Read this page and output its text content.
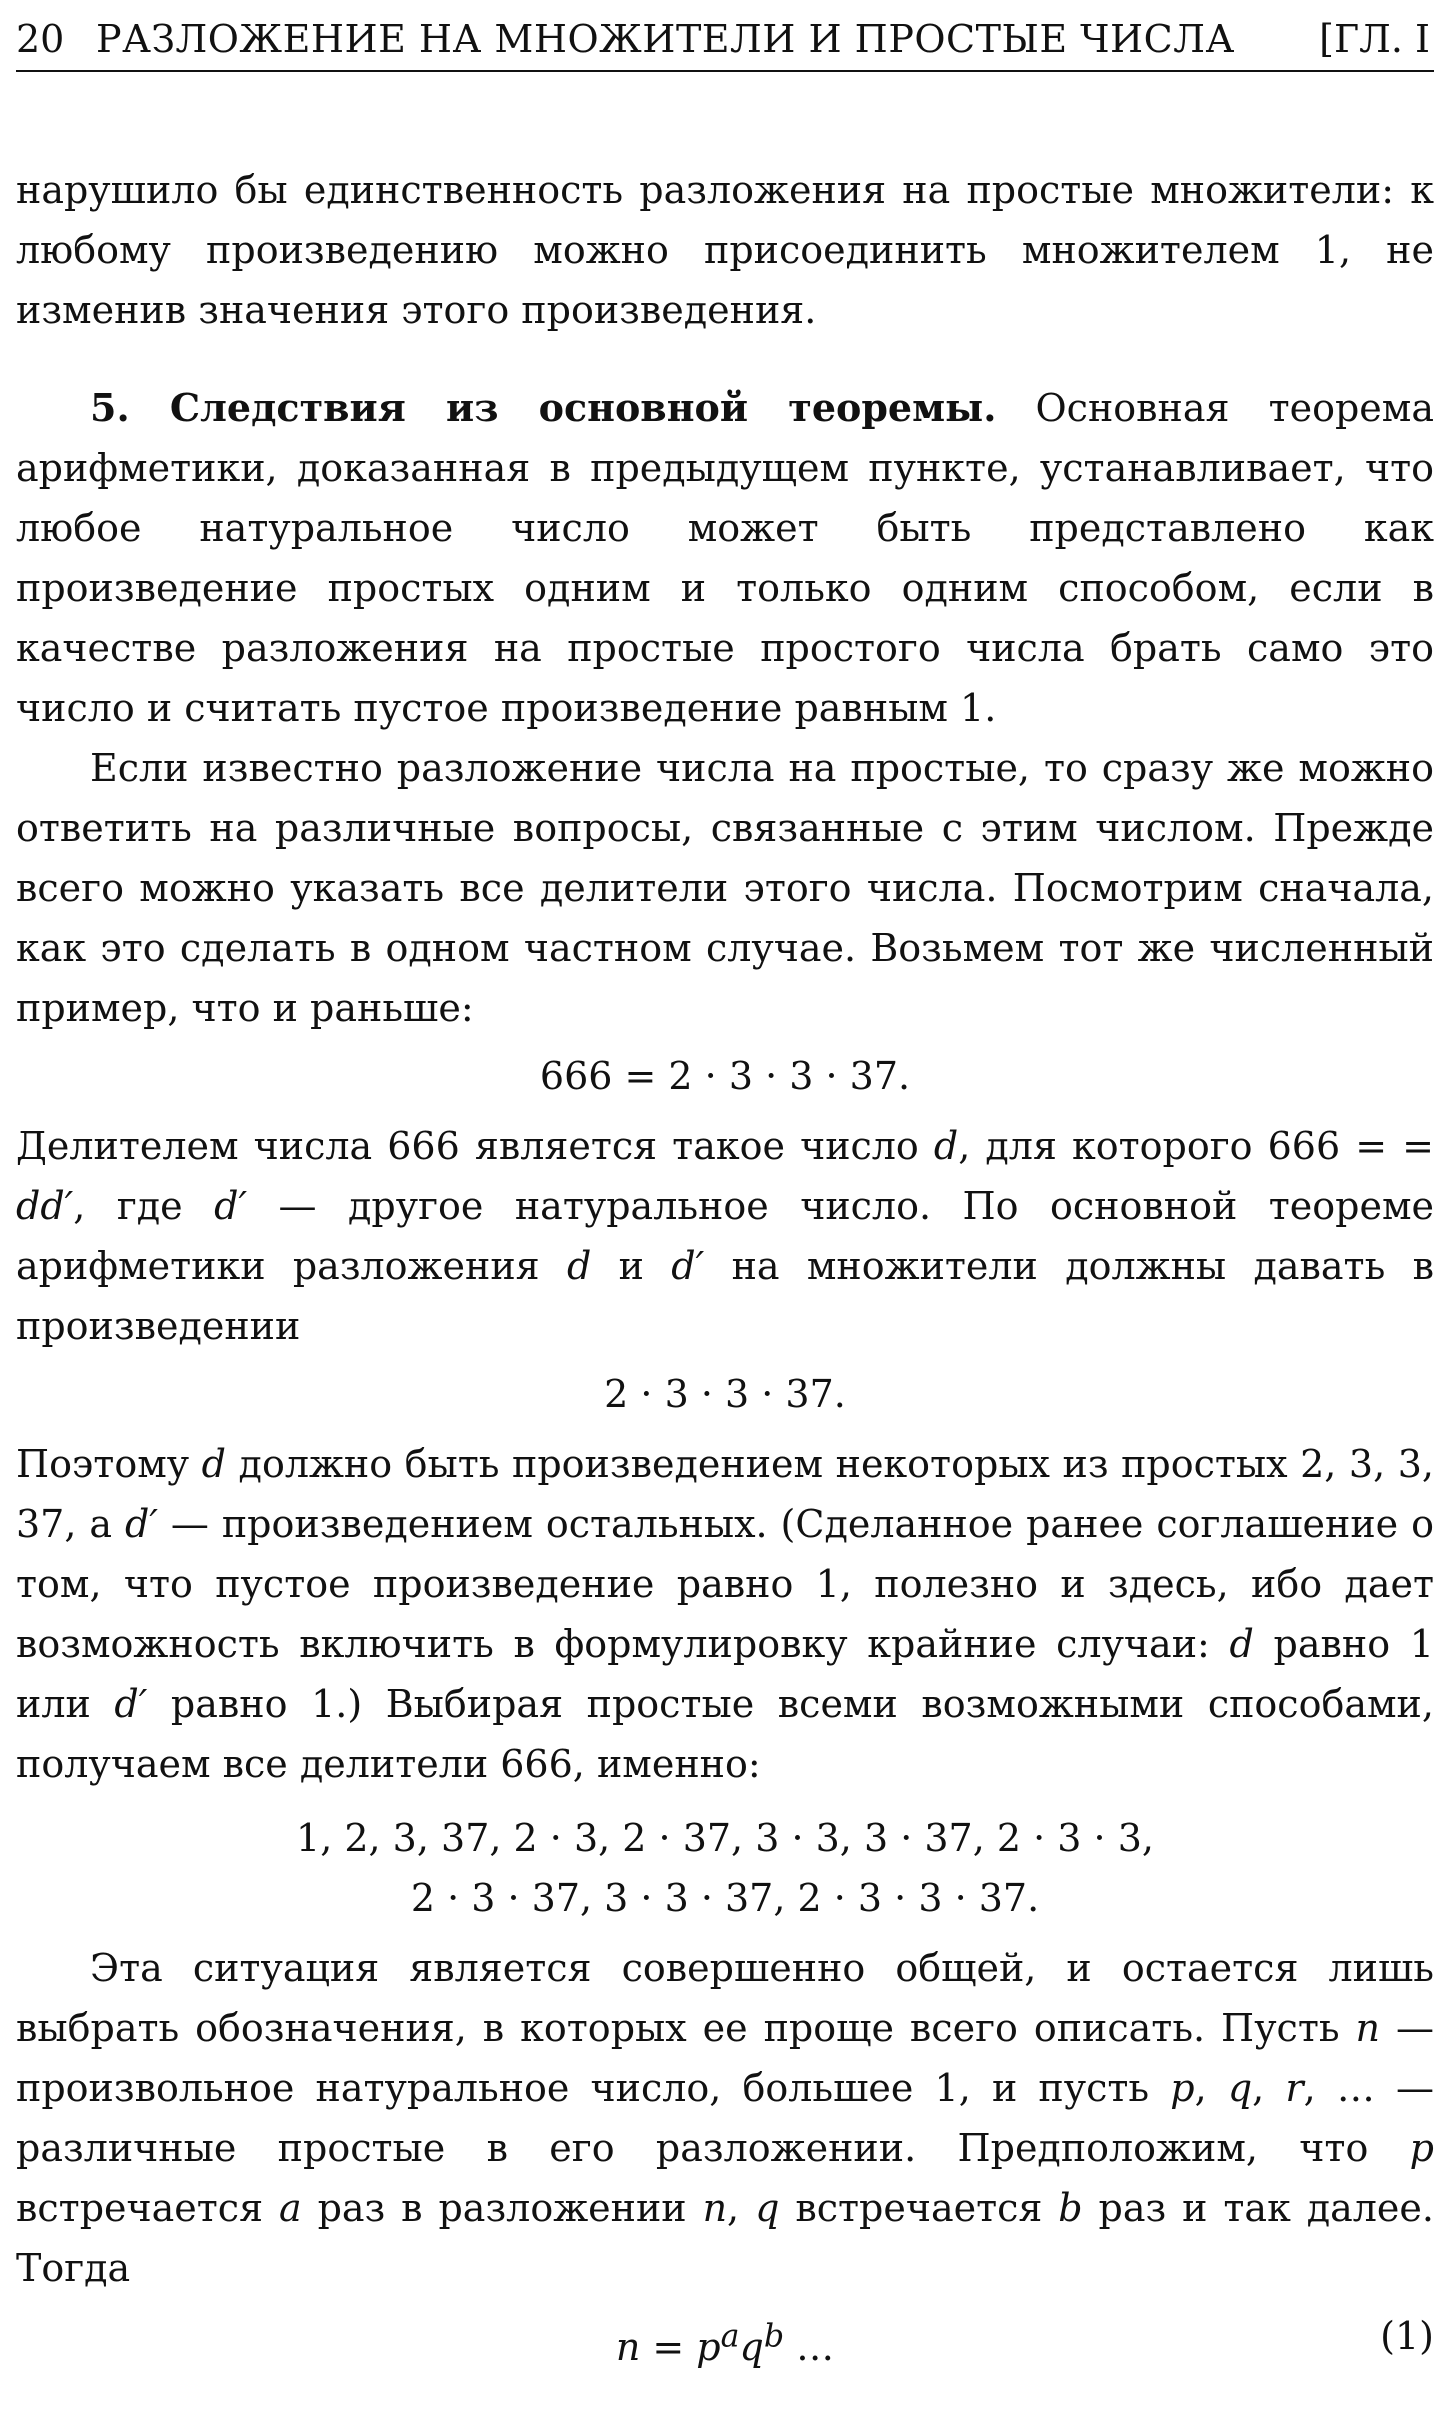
20 РАЗЛОЖЕНИЕ НА МНОЖИТЕЛИ И ПРОСТЫЕ ЧИСЛА [ГЛ. I

нарушило бы единственность разложения на простые множители: к любому произведению можно присоединить множителем 1, не изменив значения этого произведения.

5. Следствия из основной теоремы. Основная теорема арифметики, доказанная в предыдущем пункте, устанавливает, что любое натуральное число может быть представлено как произведение простых одним и только одним способом, если в качестве разложения на простые простого числа брать само это число и считать пустое произведение равным 1.

Если известно разложение числа на простые, то сразу же можно ответить на различные вопросы, связанные с этим числом. Прежде всего можно указать все делители этого числа. Посмотрим сначала, как это сделать в одном частном случае. Возьмем тот же численный пример, что и раньше:

666 = 2 · 3 · 3 · 37.

Делителем числа 666 является такое число d, для которого 666 = = dd′, где d′ — другое натуральное число. По основной теореме арифметики разложения d и d′ на множители должны давать в произведении

2 · 3 · 3 · 37.

Поэтому d должно быть произведением некоторых из простых 2, 3, 3, 37, а d′ — произведением остальных. (Сделанное ранее соглашение о том, что пустое произведение равно 1, полезно и здесь, ибо дает возможность включить в формулировку крайние случаи: d равно 1 или d′ равно 1.) Выбирая простые всеми возможными способами, получаем все делители 666, именно:

1, 2, 3, 37, 2 · 3, 2 · 37, 3 · 3, 3 · 37, 2 · 3 · 3,
2 · 3 · 37, 3 · 3 · 37, 2 · 3 · 3 · 37.

Эта ситуация является совершенно общей, и остается лишь выбрать обозначения, в которых ее проще всего описать. Пусть n — произвольное натуральное число, большее 1, и пусть p, q, r, … — различные простые в его разложении. Предположим, что p встречается a раз в разложении n, q встречается b раз и так далее. Тогда

$n = p^aq^b$ …	(1)
